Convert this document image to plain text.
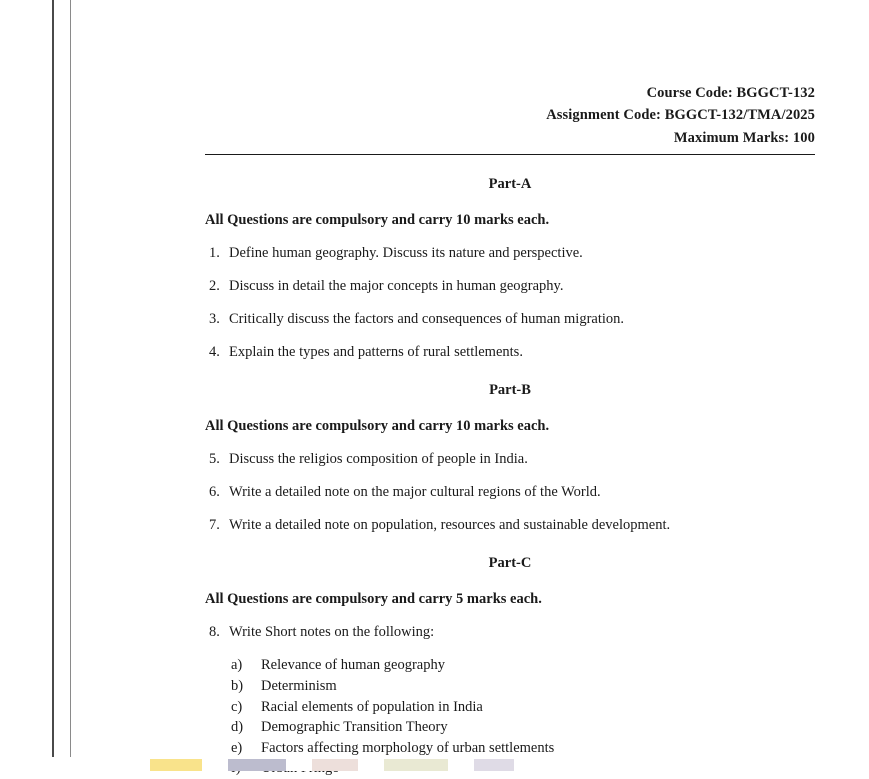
Course Code: BGGCT-132
Assignment Code: BGGCT-132/TMA/2025
Maximum Marks: 100
Part-A
All Questions are compulsory and carry 10 marks each.
1. Define human geography. Discuss its nature and perspective.
2. Discuss in detail the major concepts in human geography.
3. Critically discuss the factors and consequences of human migration.
4. Explain the types and patterns of rural settlements.
Part-B
All Questions are compulsory and carry 10 marks each.
5. Discuss the religios composition of people in India.
6. Write a detailed note on the major cultural regions of the World.
7. Write a detailed note on population, resources and sustainable development.
Part-C
All Questions are compulsory and carry 5 marks each.
8. Write Short notes on the following:
a)	Relevance of human geography
b)	Determinism
c)	Racial elements of population in India
d)	Demographic Transition Theory
e)	Factors affecting morphology of urban settlements
